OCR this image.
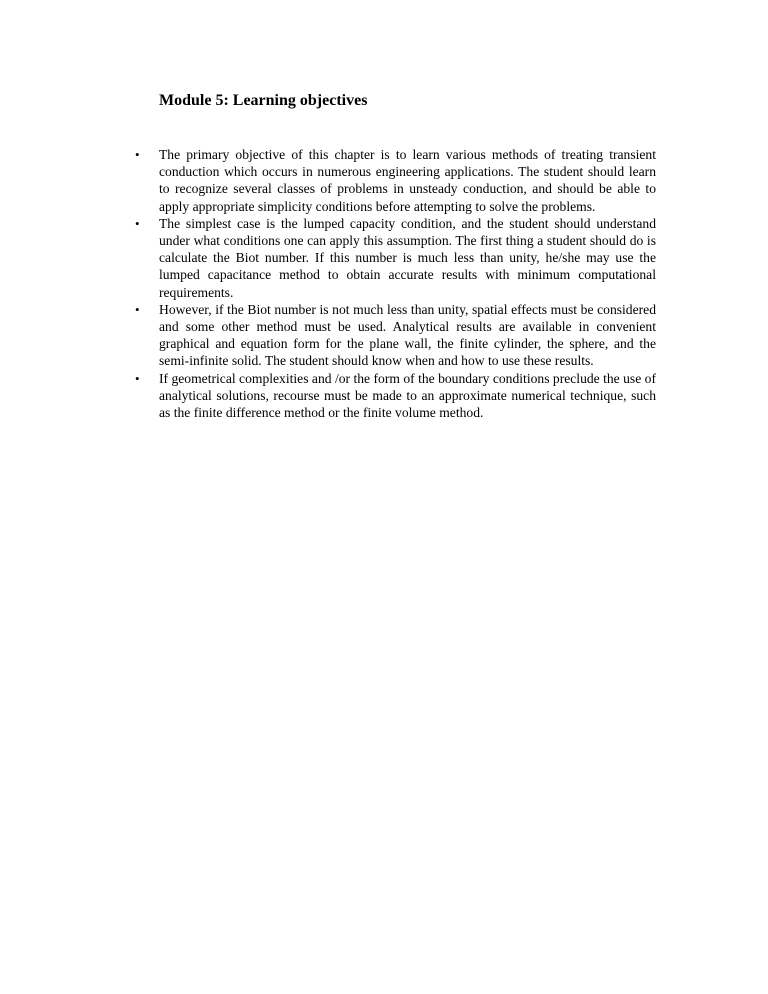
Module 5: Learning objectives
• The primary objective of this chapter is to learn various methods of treating transient conduction which occurs in numerous engineering applications. The student should learn to recognize several classes of problems in unsteady conduction, and should be able to apply appropriate simplicity conditions before attempting to solve the problems.
• The simplest case is the lumped capacity condition, and the student should understand under what conditions one can apply this assumption. The first thing a student should do is calculate the Biot number. If this number is much less than unity, he/she may use the lumped capacitance method to obtain accurate results with minimum computational requirements.
• However, if the Biot number is not much less than unity, spatial effects must be considered and some other method must be used. Analytical results are available in convenient graphical and equation form for the plane wall, the finite cylinder, the sphere, and the semi-infinite solid. The student should know when and how to use these results.
• If geometrical complexities and /or the form of the boundary conditions preclude the use of analytical solutions, recourse must be made to an approximate numerical technique, such as the finite difference method or the finite volume method.
